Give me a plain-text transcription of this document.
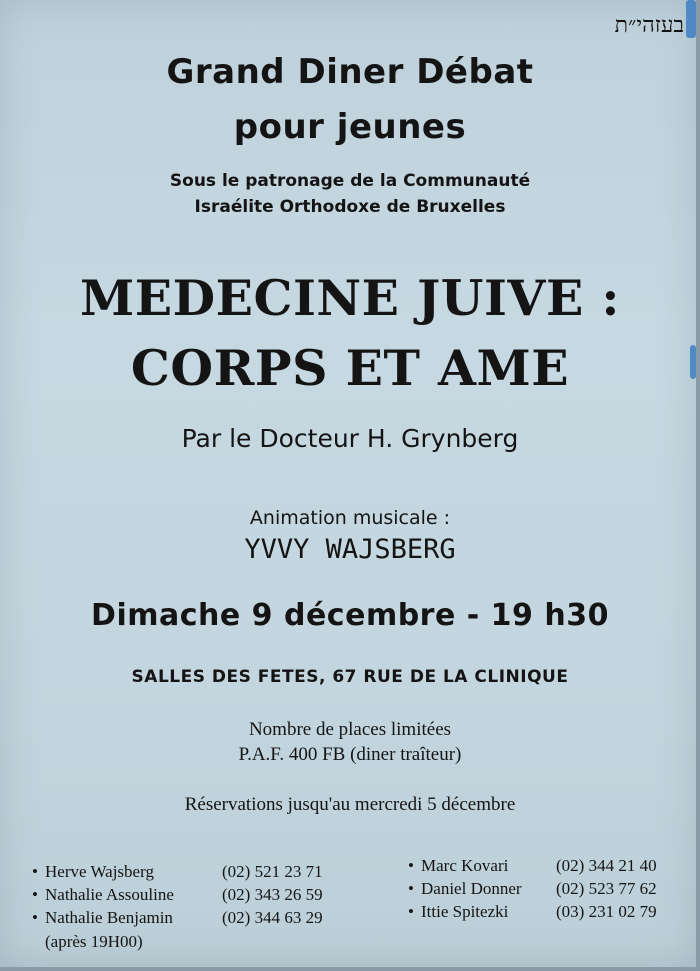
בעזהי״ת
Grand Diner Débat
pour jeunes
Sous le patronage de la Communauté
Israélite Orthodoxe de Bruxelles
MEDECINE JUIVE :
CORPS ET AME
Par le Docteur H. Grynberg
Animation musicale :
YVVY WAJSBERG
Dimache 9 décembre - 19 h30
SALLES DES FETES, 67 RUE DE LA CLINIQUE
Nombre de places limitées
P.A.F. 400 FB (diner traîteur)
Réservations jusqu'au mercredi 5 décembre
• Herve Wajsberg	(02) 521 23 71
• Nathalie Assouline	(02) 343 26 59
• Nathalie Benjamin	(02) 344 63 29
(après 19H00)
• Marc Kovari	(02) 344 21 40
• Daniel Donner (02) 523 77 62
• Ittie Spitezki	(03) 231 02 79
